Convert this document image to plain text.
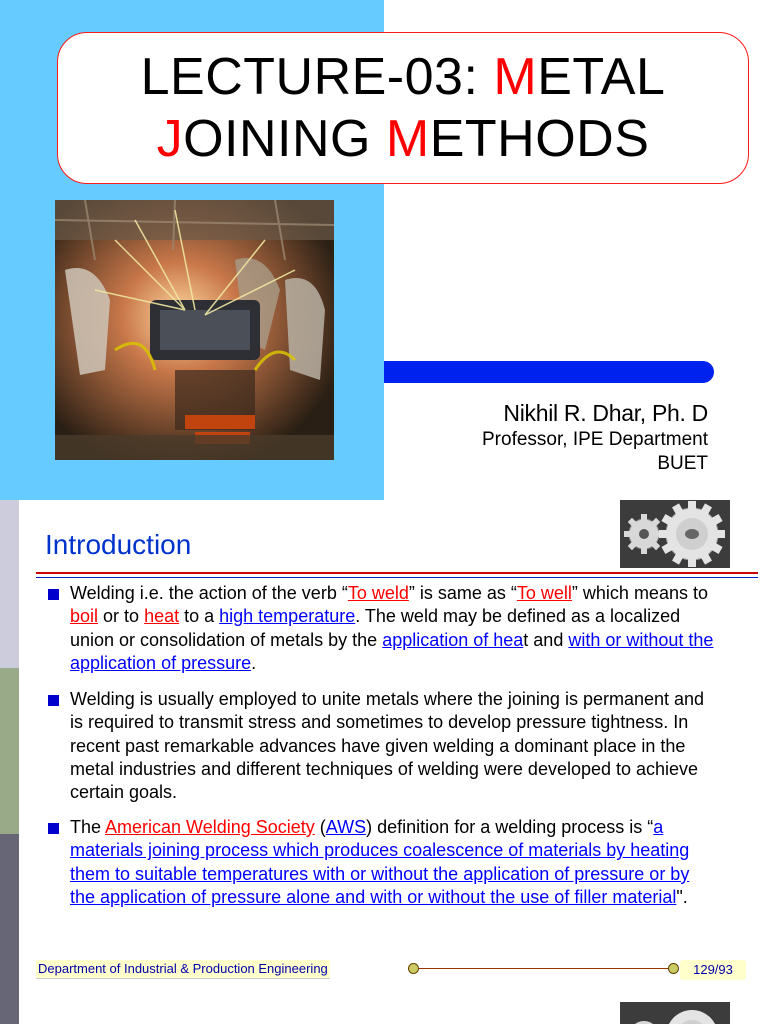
LECTURE-03: METAL
JOINING METHODS
Nikhil R. Dhar, Ph. D
Professor, IPE Department
BUET
Introduction
Welding i.e. the action of the verb “To weld” is same as “To well” which means to boil or to heat to a high temperature. The weld may be defined as a localized union or consolidation of metals by the application of heat and with or without the application of pressure.
Welding is usually employed to unite metals where the joining is permanent and is required to transmit stress and sometimes to develop pressure tightness. In recent past remarkable advances have given welding a dominant place in the metal industries and different techniques of welding were developed to achieve certain goals.
The American Welding Society (AWS) definition for a welding process is “a materials joining process which produces coalescence of materials by heating them to suitable temperatures with or without the application of pressure or by the application of pressure alone and with or without the use of filler material".
Department of Industrial & Production Engineering	129/93
